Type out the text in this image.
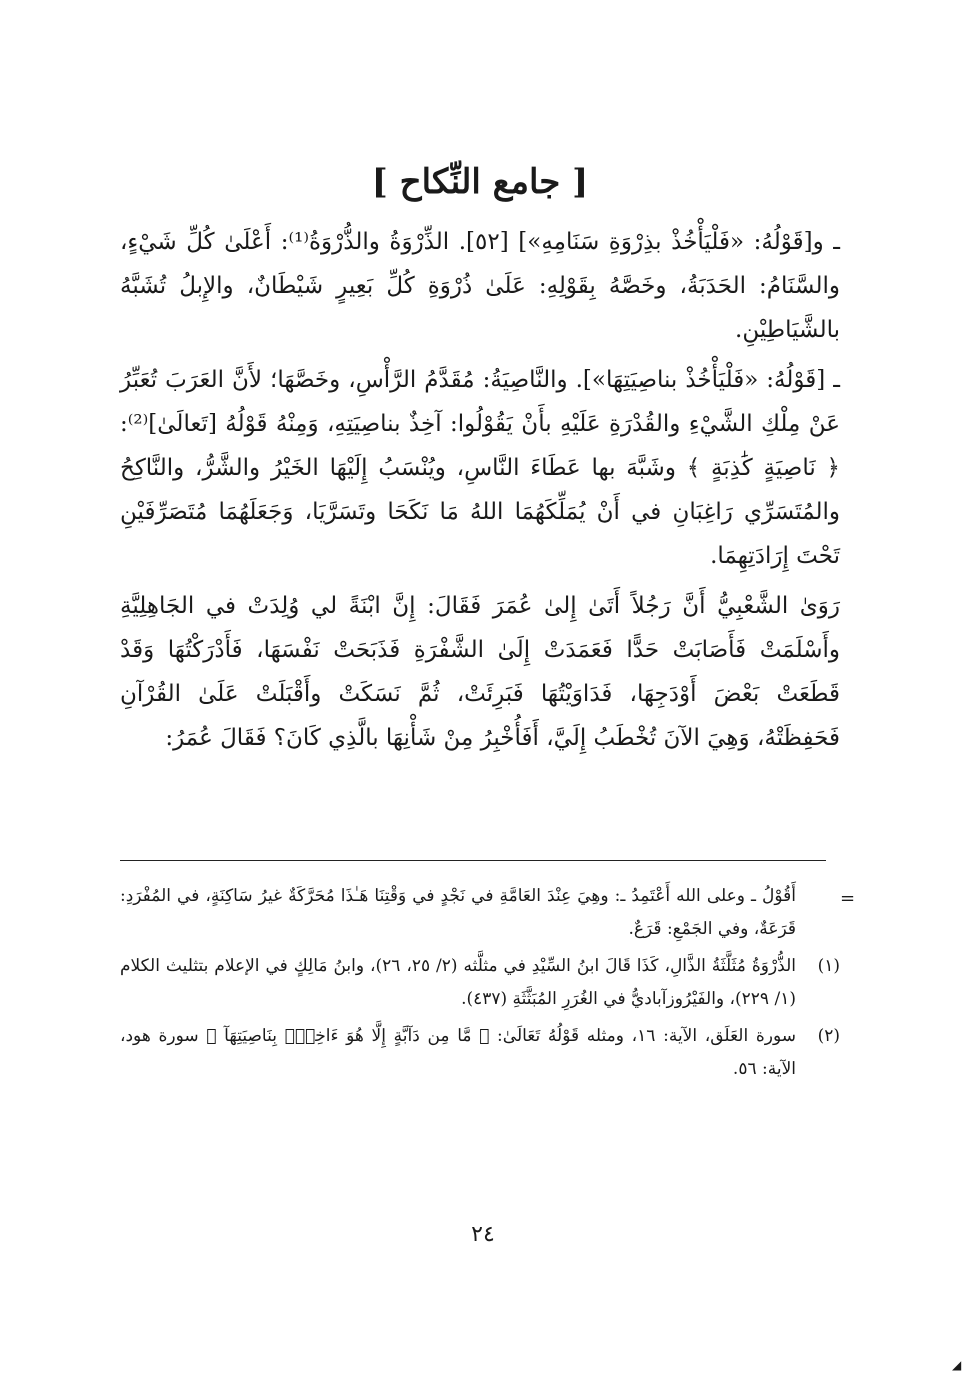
[ جامع النِّكاح ]

ـ و[قَوْلُهُ: «فَلْيَأْخُذْ بذِرْوَةِ سَنَامِهِ»] [٥٢]. الذِّرْوَةُ والذُّرْوَةُ⁽¹⁾: أَعْلَىٰ كُلِّ شَيْءٍ، والسَّنَامُ: الحَدَبَةُ، وخَصَّهُ بِقَوْلِهِ: عَلَىٰ ذُرْوَةِ كُلِّ بَعِيرٍ شَيْطَانٌ، والإِبلُ تُشَبَّهُ بالشَّيَاطِيْنِ.

ـ [قَوْلُهُ: «فَلْيَأْخُذْ بناصِيَتِهَا»]. والنَّاصِيَةُ: مُقَدَّمُ الرَّأْسِ، وخَصَّهَا؛ لأَنَّ العَرَبَ تُعَبِّرُ عَنْ مِلْكِ الشَّيْءِ والقُدْرَةِ عَلَيْهِ بأَنْ يَقُوْلُوا: آخِذٌ بناصِيَتِهِ، وَمِنْهُ قَوْلُهُ [تَعالَىٰ]⁽²⁾: ﴿ نَاصِيَةٍ كَٰذِبَةٍ ﴾ وشَبَّهَ بها عَطَاءَ النَّاسِ، ويُنْسَبُ إِلَيْهَا الخَيْرُ والشَّرُّ، والنَّاكِحُ والمُتَسَرِّي رَاغِبَانِ في أَنْ يُمَلِّكَهُمَا اللهُ مَا نَكَحَا وتَسَرَّيَا، وَجَعَلَهُمَا مُتَصَرِّفَيْنِ تَحْتَ إِرَادَتِهِمَا.

رَوَىٰ الشَّعْبِيُّ أَنَّ رَجُلاً أَتَىٰ إِلىٰ عُمَرَ فَقَالَ: إِنَّ ابْنَةً لي وُلِدَتْ في الجَاهِلِيَّةِ وأَسْلَمَتْ فَأَصَابَتْ حَدًّا فَعَمَدَتْ إِلَىٰ الشَّفْرَةِ فَذَبَحَتْ نَفْسَهَا، فَأَدْرَكْتُهَا وَقَدْ قَطَعَتْ بَعْضَ أَوْدَجِهَا، فَدَاوَيْتُهَا فَبَرِئَتْ، ثُمَّ نَسَكَتْ وأَقْبَلَتْ عَلَىٰ القُرْآنِ فَحَفِظَتْهُ، وَهِيَ الآنَ تُخْطَبُ إِلَيَّ، أَفَأُخْبِرُ مِنْ شَأْنِهَا بالَّذِي كَانَ؟ فَقَالَ عُمَرُ:

=
أَقُوْلُ ـ وعلى الله أَعْتَمِدُ ـ: وهِيَ عِنْدَ العَامَّةِ في نَجْدٍ في وَقْتِنَا هَـٰذَا مُحَرَّكَةٌ غيرُ سَاكِنَةٍ، في المُفْرَدِ: قَرَعَةٌ، وفي الجَمْعِ: قَرَعٌ.
(١)
الذُّرْوَةُ مُثَلَّثَةُ الذَّالِ، كَذَا قَالَ ابنُ السِّيْدِ في مثلَّثه (٢/ ٢٥، ٢٦)، وابنُ مَالِكٍ في الإعلام بتثليث الكلام (١/ ٢٢٩)، والفَيْرُوزآباديُّ في الغُرَرِ المُبَثَّثَةِ (٤٣٧).
(٢)
سورة العَلَق، الآية: ١٦، ومثله قَوْلُهُ تَعَالَىٰ: ﴿ مَّا مِن دَآبَّةٍ إِلَّا هُوَ ءَاخِذُۢ بِنَاصِيَتِهَآ ﴾ سورة هود، الآية: ٥٦.
٢٤
◢
